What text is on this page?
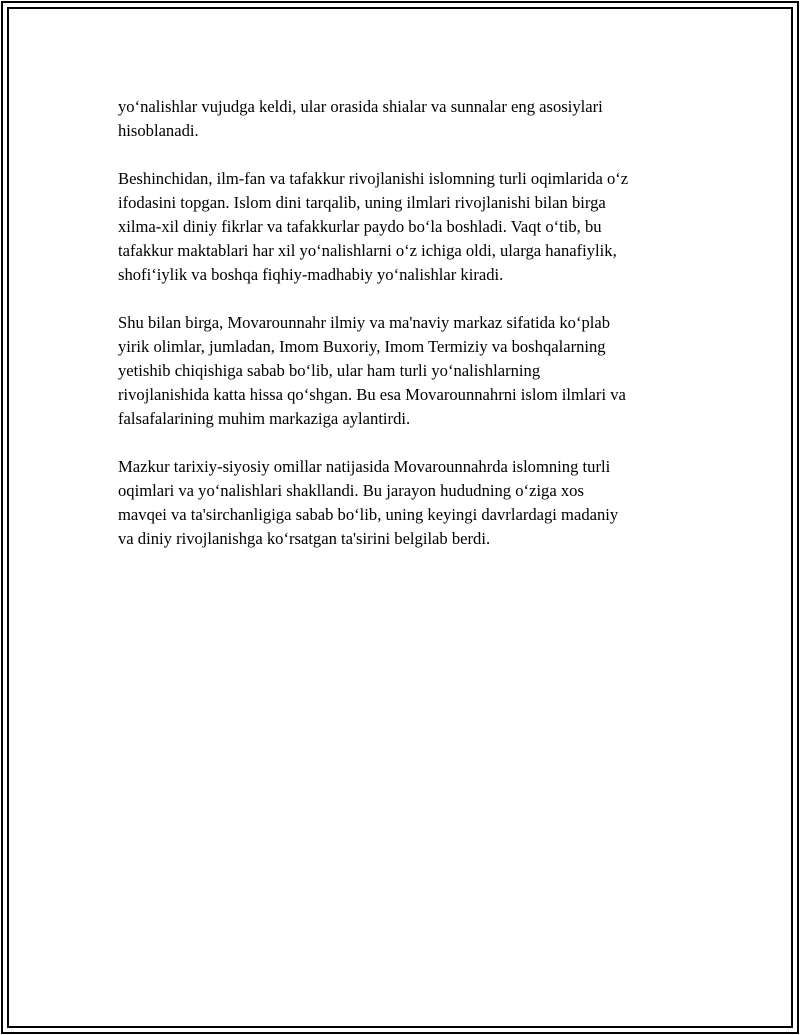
yo‘nalishlar vujudga keldi, ular orasida shialar va sunnalar eng asosiylari
hisoblanadi.

Beshinchidan, ilm-fan va tafakkur rivojlanishi islomning turli oqimlarida o‘z
ifodasini topgan. Islom dini tarqalib, uning ilmlari rivojlanishi bilan birga
xilma-xil diniy fikrlar va tafakkurlar paydo bo‘la boshladi. Vaqt o‘tib, bu
tafakkur maktablari har xil yo‘nalishlarni o‘z ichiga oldi, ularga hanafiylik,
shofi‘iylik va boshqa fiqhiy-madhabiy yo‘nalishlar kiradi.

Shu bilan birga, Movarounnahr ilmiy va ma'naviy markaz sifatida ko‘plab
yirik olimlar, jumladan, Imom Buxoriy, Imom Termiziy va boshqalarning
yetishib chiqishiga sabab bo‘lib, ular ham turli yo‘nalishlarning
rivojlanishida katta hissa qo‘shgan. Bu esa Movarounnahrni islom ilmlari va
falsafalarining muhim markaziga aylantirdi.

Mazkur tarixiy-siyosiy omillar natijasida Movarounnahrda islomning turli
oqimlari va yo‘nalishlari shakllandi. Bu jarayon hududning o‘ziga xos
mavqei va ta'sirchanligiga sabab bo‘lib, uning keyingi davrlardagi madaniy
va diniy rivojlanishga ko‘rsatgan ta'sirini belgilab berdi.
